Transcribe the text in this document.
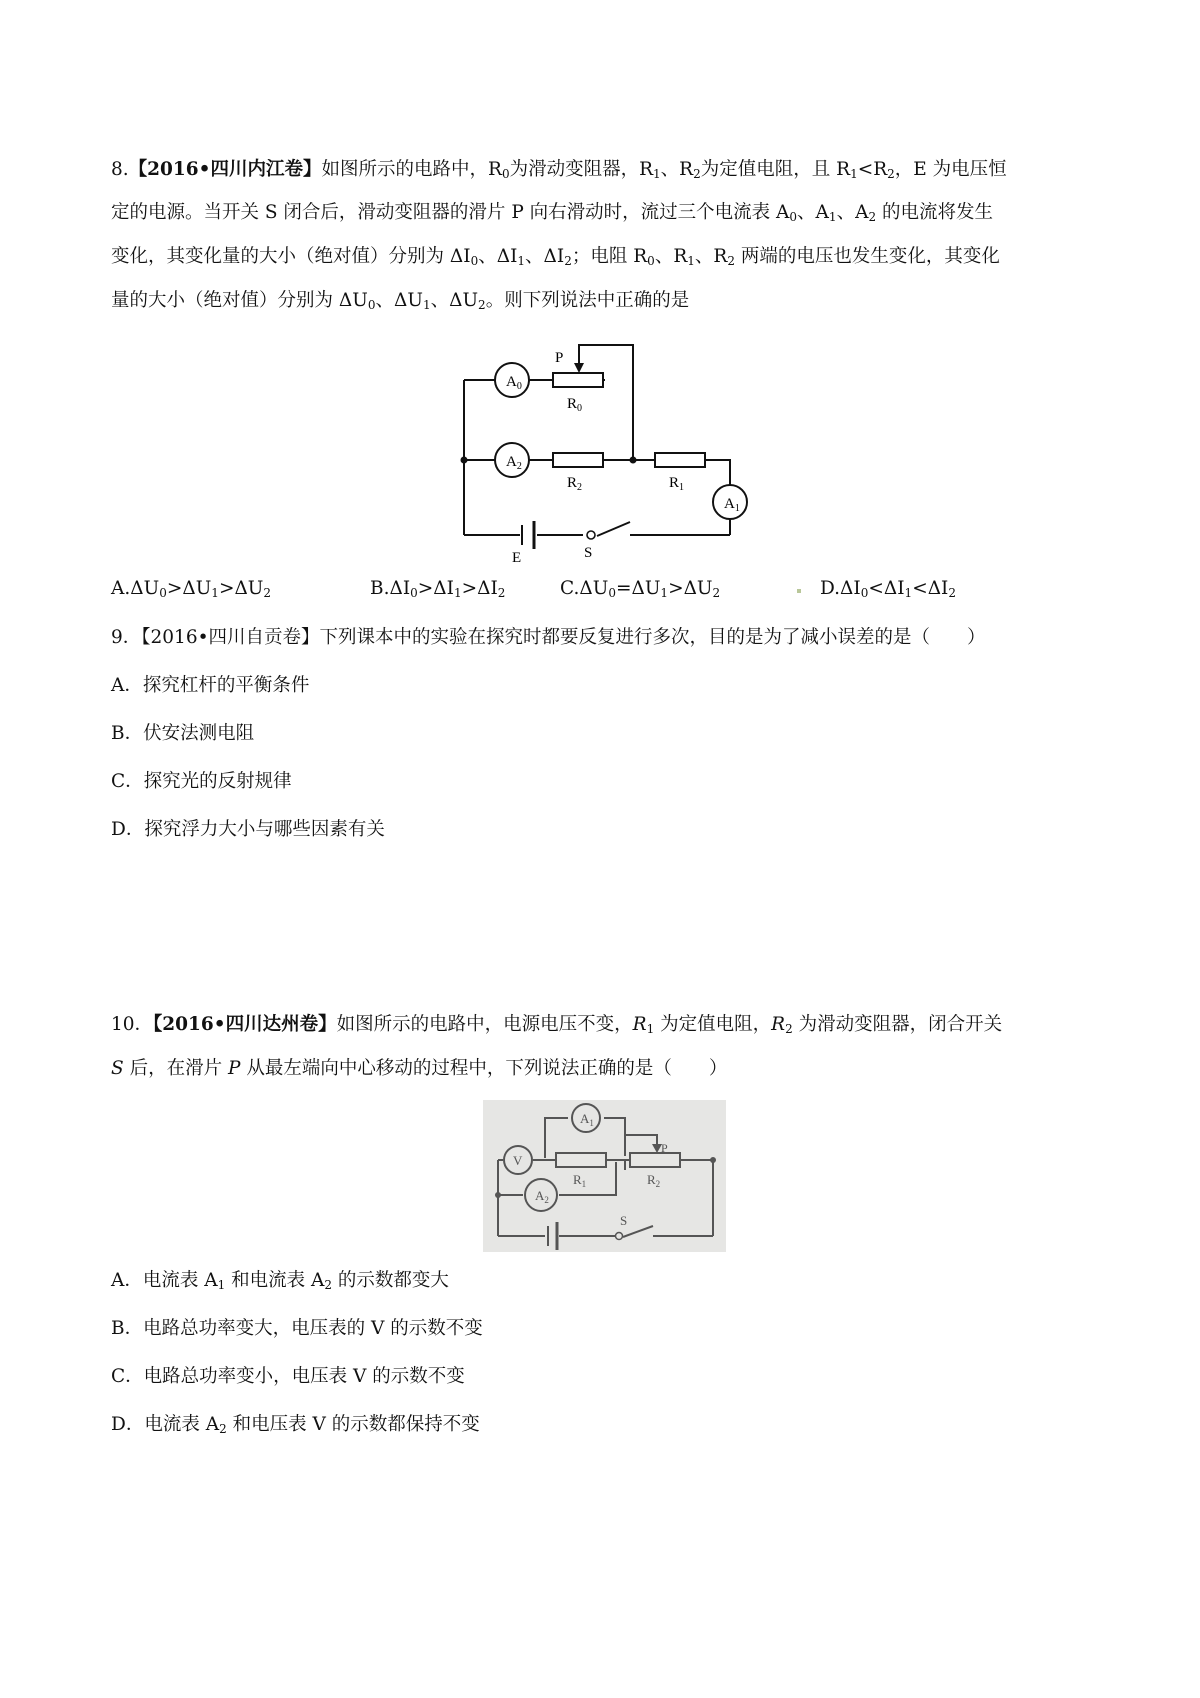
8.【2016•四川内江卷】如图所示的电路中，$R_0$为滑动变阻器，$R_1$、$R_2$为定值电阻，且 $R_1<R_2$，E 为电压恒
定的电源。当开关 S 闭合后，滑动变阻器的滑片 P 向右滑动时，流过三个电流表 $A_0$、$A_1$、$A_2$ 的电流将发生
变化，其变化量的大小（绝对值）分别为 $\Delta I_0$、$\Delta I_1$、$\Delta I_2$；电阻 $R_0$、$R_1$、$R_2$ 两端的电压也发生变化，其变化
量的大小（绝对值）分别为 $\Delta U_0$、$\Delta U_1$、$\Delta U_2$。则下列说法中正确的是
$A_0$
$A_2$
$A_1$
P
$R_0$
$R_2$	$R_1$
E	S
$A.\Delta U_0>\Delta U_1>\Delta U_2$	$B.\Delta I_0>\Delta I_1>\Delta I_2$	$C.\Delta U_0=\Delta U_1>\Delta U_2$	$D.\Delta I_0<\Delta I_1<\Delta I_2$
9．【2016•四川自贡卷】下列课本中的实验在探究时都要反复进行多次，目的是为了减小误差的是（　　）
A．探究杠杆的平衡条件
B．伏安法测电阻
C．探究光的反射规律
D．探究浮力大小与哪些因素有关
10．【2016•四川达州卷】如图所示的电路中，电源电压不变，$R_1$ 为定值电阻，$R_2$ 为滑动变阻器，闭合开关
S 后，在滑片 P 从最左端向中心移动的过程中，下列说法正确的是（　　）
$A_1$
V
$A_2$
$R_1$	$R_2$
P
S
A．电流表 $A_1$ 和电流表 $A_2$ 的示数都变大
B．电路总功率变大，电压表的 V 的示数不变
C．电路总功率变小，电压表 V 的示数不变
D．电流表 $A_2$ 和电压表 V 的示数都保持不变
